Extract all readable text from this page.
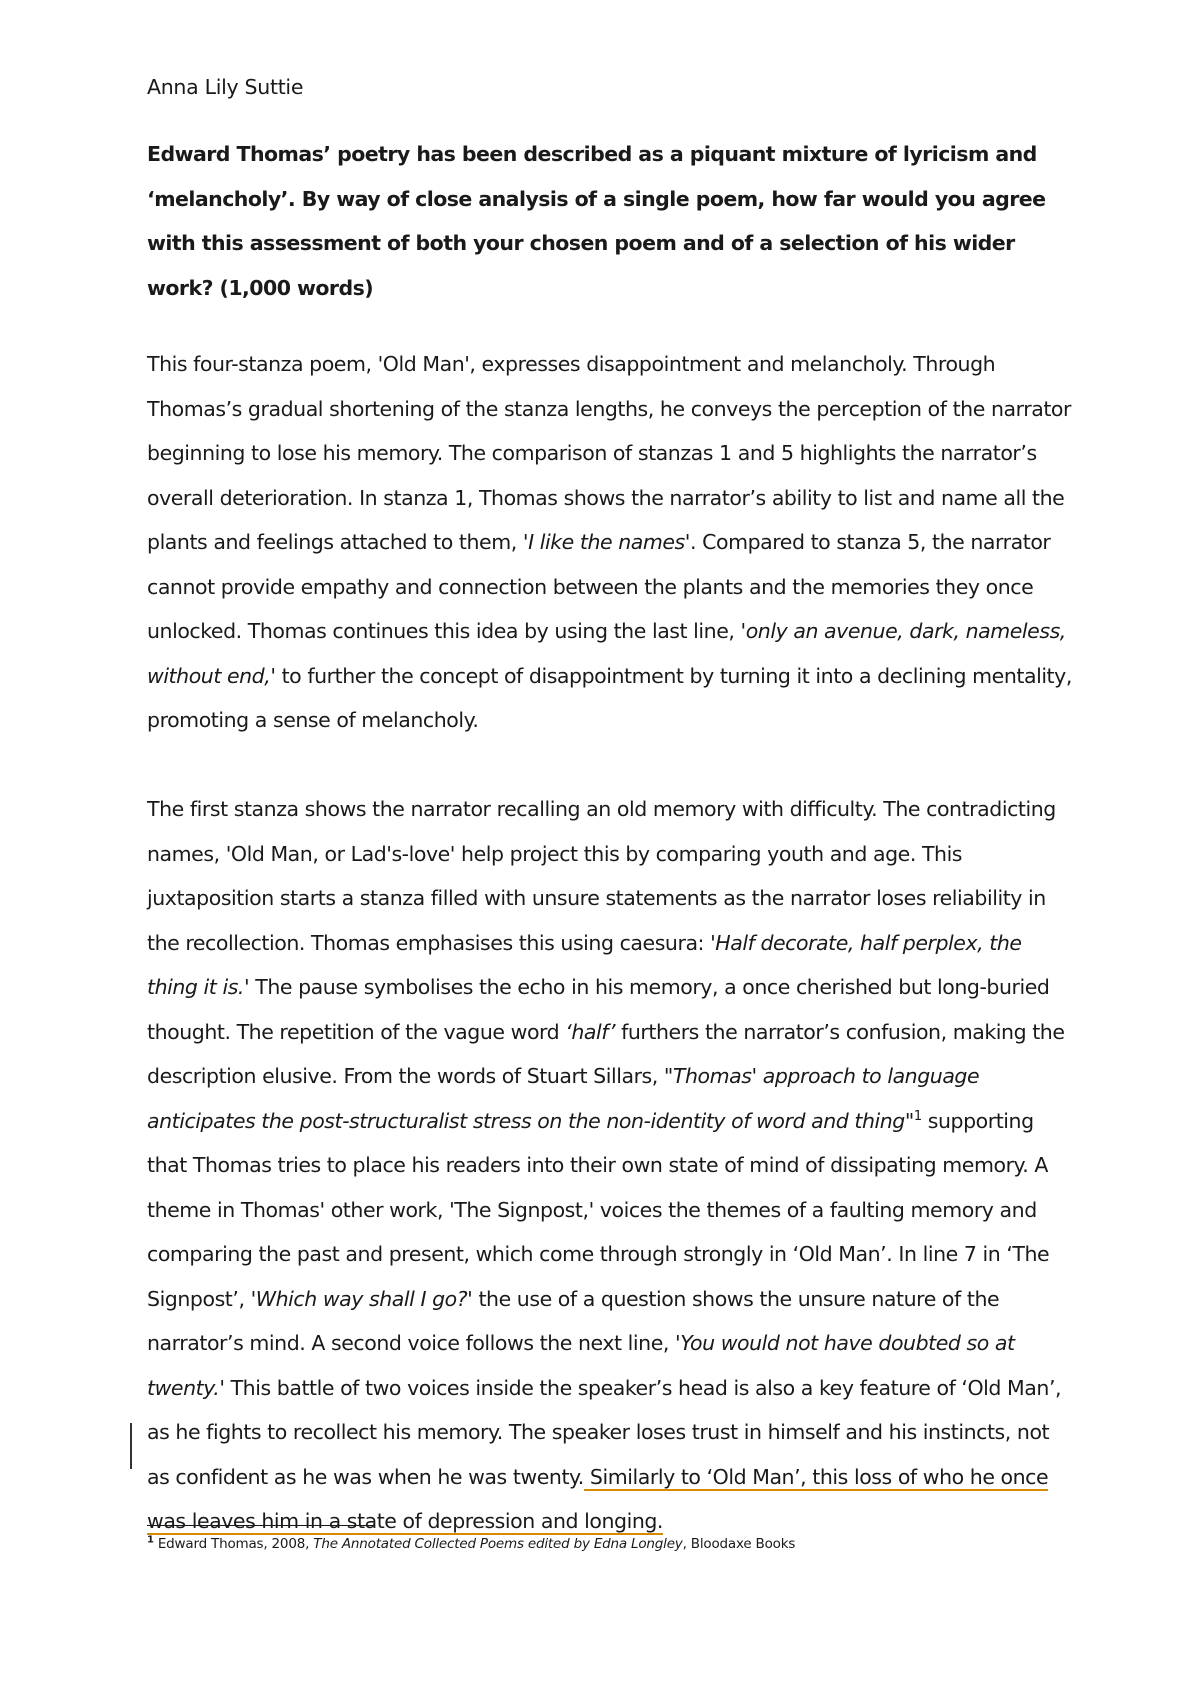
Anna Lily Suttie

Edward Thomas’ poetry has been described as a piquant mixture of lyricism and ‘melancholy’. By way of close analysis of a single poem, how far would you agree with this assessment of both your chosen poem and of a selection of his wider work? (1,000 words)

This four-stanza poem, 'Old Man', expresses disappointment and melancholy. Through Thomas’s gradual shortening of the stanza lengths, he conveys the perception of the narrator beginning to lose his memory. The comparison of stanzas 1 and 5 highlights the narrator’s overall deterioration. In stanza 1, Thomas shows the narrator’s ability to list and name all the plants and feelings attached to them, 'I like the names'. Compared to stanza 5, the narrator cannot provide empathy and connection between the plants and the memories they once unlocked. Thomas continues this idea by using the last line, 'only an avenue, dark, nameless, without end,' to further the concept of disappointment by turning it into a declining mentality, promoting a sense of melancholy.

The first stanza shows the narrator recalling an old memory with difficulty. The contradicting names, 'Old Man, or Lad's-love' help project this by comparing youth and age. This juxtaposition starts a stanza filled with unsure statements as the narrator loses reliability in the recollection. Thomas emphasises this using caesura: 'Half decorate, half perplex, the thing it is.' The pause symbolises the echo in his memory, a once cherished but long-buried thought. The repetition of the vague word ‘half’ furthers the narrator’s confusion, making the description elusive. From the words of Stuart Sillars, "Thomas' approach to language anticipates the post-structuralist stress on the non-identity of word and thing"$^1$ supporting that Thomas tries to place his readers into their own state of mind of dissipating memory. A theme in Thomas' other work, 'The Signpost,' voices the themes of a faulting memory and comparing the past and present, which come through strongly in ‘Old Man’. In line 7 in ‘The Signpost’, 'Which way shall I go?' the use of a question shows the unsure nature of the narrator’s mind. A second voice follows the next line, 'You would not have doubted so at twenty.' This battle of two voices inside the speaker’s head is also a key feature of ‘Old Man’, as he fights to recollect his memory. The speaker loses trust in himself and his instincts, not as confident as he was when he was twenty. Similarly to ‘Old Man’, this loss of who he once was leaves him in a state of depression and longing.

$^1$ Edward Thomas, 2008, The Annotated Collected Poems edited by Edna Longley, Bloodaxe Books
